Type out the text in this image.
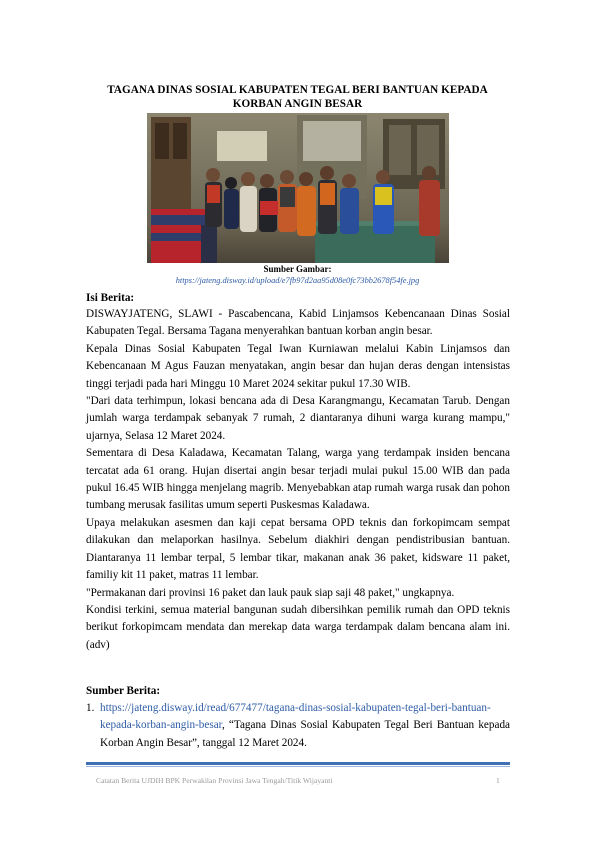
TAGANA DINAS SOSIAL KABUPATEN TEGAL BERI BANTUAN KEPADA
KORBAN ANGIN BESAR
Sumber Gambar:
https://jateng.disway.id/upload/e7fb97d2aa95d08e0fc73bb2678f54fe.jpg
Isi Berita:

DISWAYJATENG, SLAWI - Pascabencana, Kabid Linjamsos Kebencanaan Dinas Sosial Kabupaten Tegal. Bersama Tagana menyerahkan bantuan korban angin besar.

Kepala Dinas Sosial Kabupaten Tegal Iwan Kurniawan melalui Kabin Linjamsos dan Kebencanaan M Agus Fauzan menyatakan, angin besar dan hujan deras dengan intensistas tinggi terjadi pada hari Minggu 10 Maret 2024 sekitar pukul 17.30 WIB.

"Dari data terhimpun, lokasi bencana ada di Desa Karangmangu, Kecamatan Tarub. Dengan jumlah warga terdampak sebanyak 7 rumah, 2 diantaranya dihuni warga kurang mampu," ujarnya, Selasa 12 Maret 2024.

Sementara di Desa Kaladawa, Kecamatan Talang, warga yang terdampak insiden bencana tercatat ada 61 orang. Hujan disertai angin besar terjadi mulai pukul 15.00 WIB dan pada pukul 16.45 WIB hingga menjelang magrib. Menyebabkan atap rumah warga rusak dan pohon tumbang merusak fasilitas umum seperti Puskesmas Kaladawa.

Upaya melakukan asesmen dan kaji cepat bersama OPD teknis dan forkopimcam sempat dilakukan dan melaporkan hasilnya. Sebelum diakhiri dengan pendistribusian bantuan. Diantaranya 11 lembar terpal, 5 lembar tikar, makanan anak 36 paket, kidsware 11 paket, familiy kit 11 paket, matras 11 lembar.

"Permakanan dari provinsi 16 paket dan lauk pauk siap saji 48 paket," ungkapnya.

Kondisi terkini, semua material bangunan sudah dibersihkan pemilik rumah dan OPD teknis berikut forkopimcam mendata dan merekap data warga terdampak dalam bencana alam ini. (adv)

Sumber Berita:
1. https://jateng.disway.id/read/677477/tagana-dinas-sosial-kabupaten-tegal-beri-bantuan-kepada-korban-angin-besar, “Tagana Dinas Sosial Kabupaten Tegal Beri Bantuan kepada Korban Angin Besar”, tanggal 12 Maret 2024.
Catatan Berita UJDIH BPK Perwakilan Provinsi Jawa Tengah/Titik Wijayanti	1
